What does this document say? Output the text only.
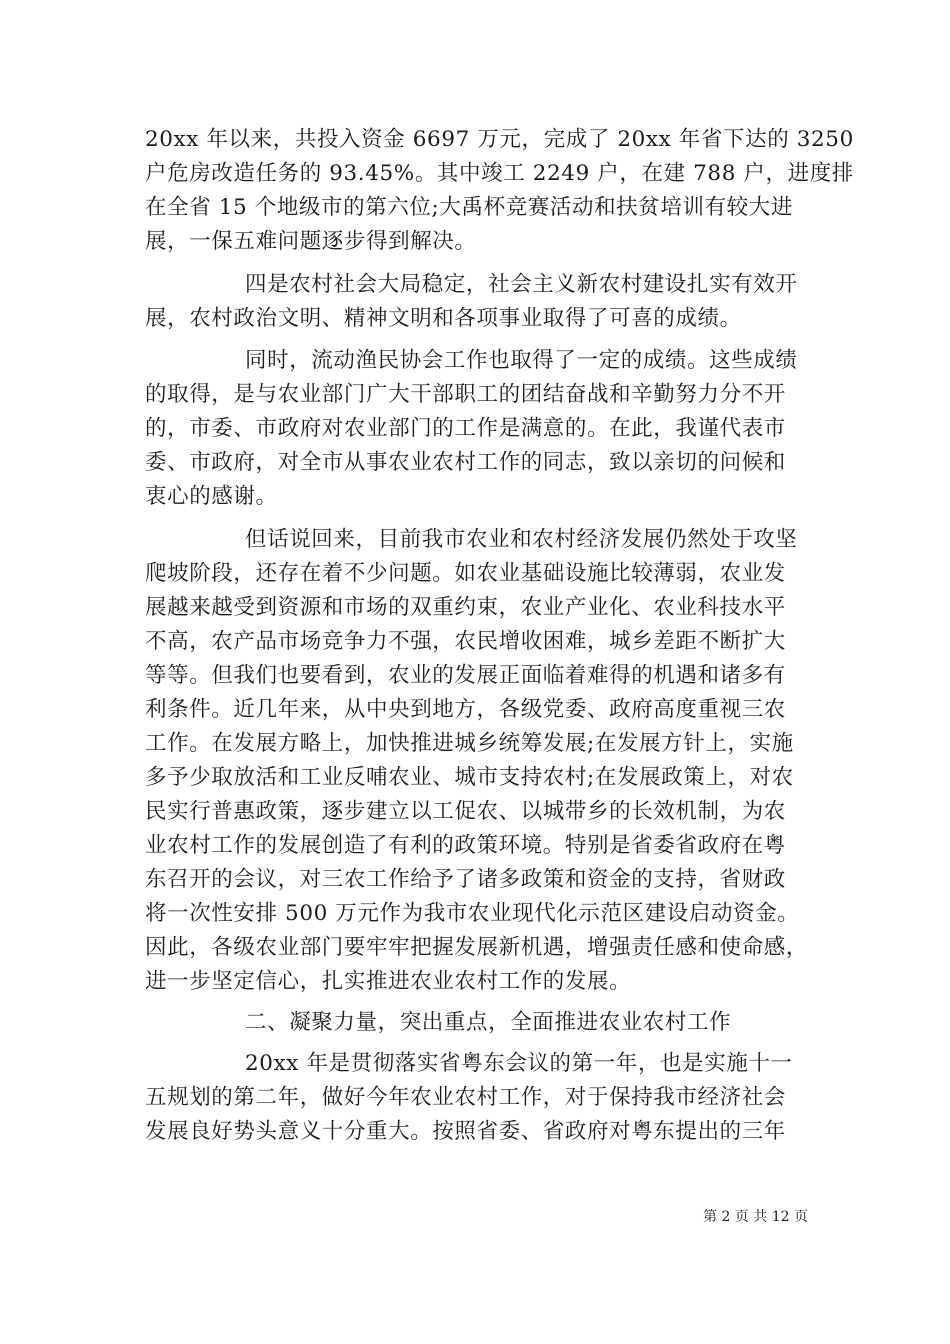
20xx 年以来，共投入资金 6697 万元，完成了 20xx 年省下达的 3250
户危房改造任务的 93.45%。其中竣工 2249 户，在建 788 户，进度排
在全省 15 个地级市的第六位;大禹杯竞赛活动和扶贫培训有较大进
展，一保五难问题逐步得到解决。
四是农村社会大局稳定，社会主义新农村建设扎实有效开
展，农村政治文明、精神文明和各项事业取得了可喜的成绩。
同时，流动渔民协会工作也取得了一定的成绩。这些成绩
的取得，是与农业部门广大干部职工的团结奋战和辛勤努力分不开
的，市委、市政府对农业部门的工作是满意的。在此，我谨代表市
委、市政府，对全市从事农业农村工作的同志，致以亲切的问候和
衷心的感谢。
但话说回来，目前我市农业和农村经济发展仍然处于攻坚
爬坡阶段，还存在着不少问题。如农业基础设施比较薄弱，农业发
展越来越受到资源和市场的双重约束，农业产业化、农业科技水平
不高，农产品市场竞争力不强，农民增收困难，城乡差距不断扩大
等等。但我们也要看到，农业的发展正面临着难得的机遇和诸多有
利条件。近几年来，从中央到地方，各级党委、政府高度重视三农
工作。在发展方略上，加快推进城乡统筹发展;在发展方针上，实施
多予少取放活和工业反哺农业、城市支持农村;在发展政策上，对农
民实行普惠政策，逐步建立以工促农、以城带乡的长效机制，为农
业农村工作的发展创造了有利的政策环境。特别是省委省政府在粤
东召开的会议，对三农工作给予了诸多政策和资金的支持，省财政
将一次性安排 500 万元作为我市农业现代化示范区建设启动资金。
因此，各级农业部门要牢牢把握发展新机遇，增强责任感和使命感，
进一步坚定信心，扎实推进农业农村工作的发展。
二、凝聚力量，突出重点，全面推进农业农村工作
20xx 年是贯彻落实省粤东会议的第一年，也是实施十一
五规划的第二年，做好今年农业农村工作，对于保持我市经济社会
发展良好势头意义十分重大。按照省委、省政府对粤东提出的三年
第 2 页 共 12 页
